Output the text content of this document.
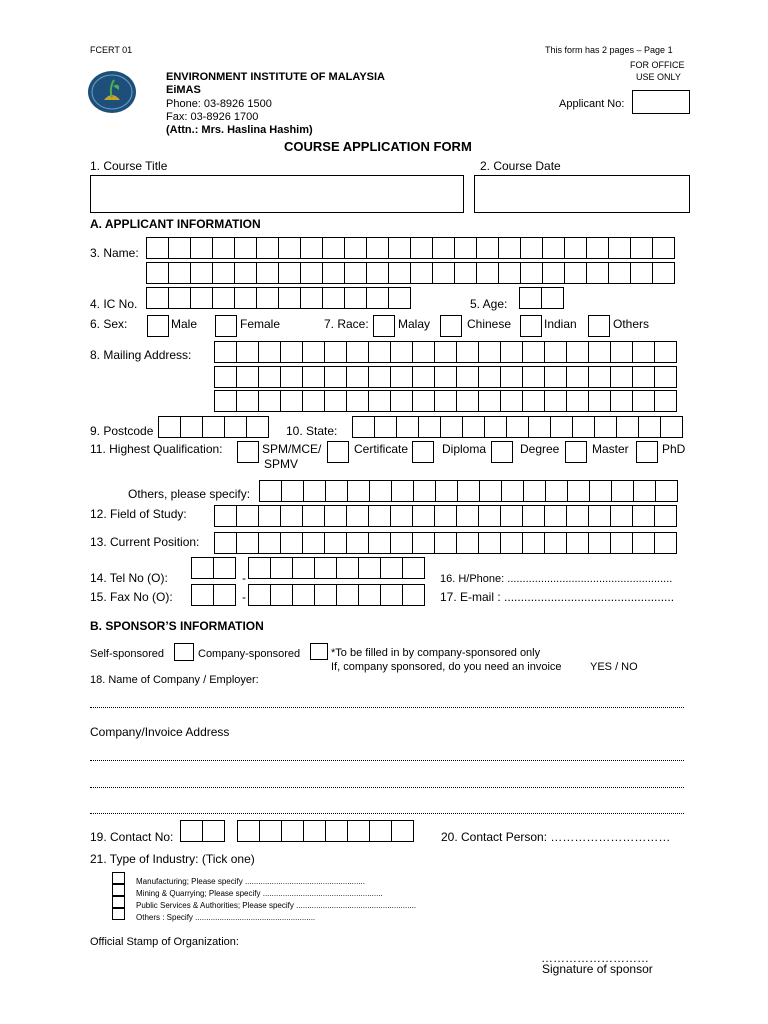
FCERT 01	This form has 2 pages – Page 1
FOR OFFICE
USE ONLY
ENVIRONMENT INSTITUTE OF MALAYSIA
EiMAS
Phone: 03-8926 1500
Fax: 03-8926 1700
(Attn.: Mrs. Haslina Hashim)
Applicant No:
COURSE APPLICATION FORM
1. Course Title	2. Course Date
A. APPLICANT INFORMATION
3. Name:
4. IC No.	5. Age:
6. Sex:	Male	Female	7. Race: Malay	Chinese	Indian	Others
8. Mailing Address:
9. Postcode	10. State:
11. Highest Qualification:	SPM/MCE/
SPMV
Certificate	Diploma	Degree	Master	PhD
Others, please specify:
12. Field of Study:
13. Current Position:
14. Tel No (O):	-	16. H/Phone: ......................................................
15. Fax No (O):	-	17. E-mail : ...................................................
B. SPONSOR’S INFORMATION
Self-sponsored	Company-sponsored	*To be filled in by company-sponsored only
If, company sponsored, do you need an invoice	YES / NO
18. Name of Company / Employer:
Company/Invoice Address
19. Contact No:	20. Contact Person: …………………………
21. Type of Industry: (Tick one)
Manufacturing; Please specify ......................................................
Mining & Quarrying; Please specify ......................................................
Public Services & Authorities; Please specify ......................................................
Others : Specify ......................................................
Official Stamp of Organization:
………………………
Signature of sponsor
